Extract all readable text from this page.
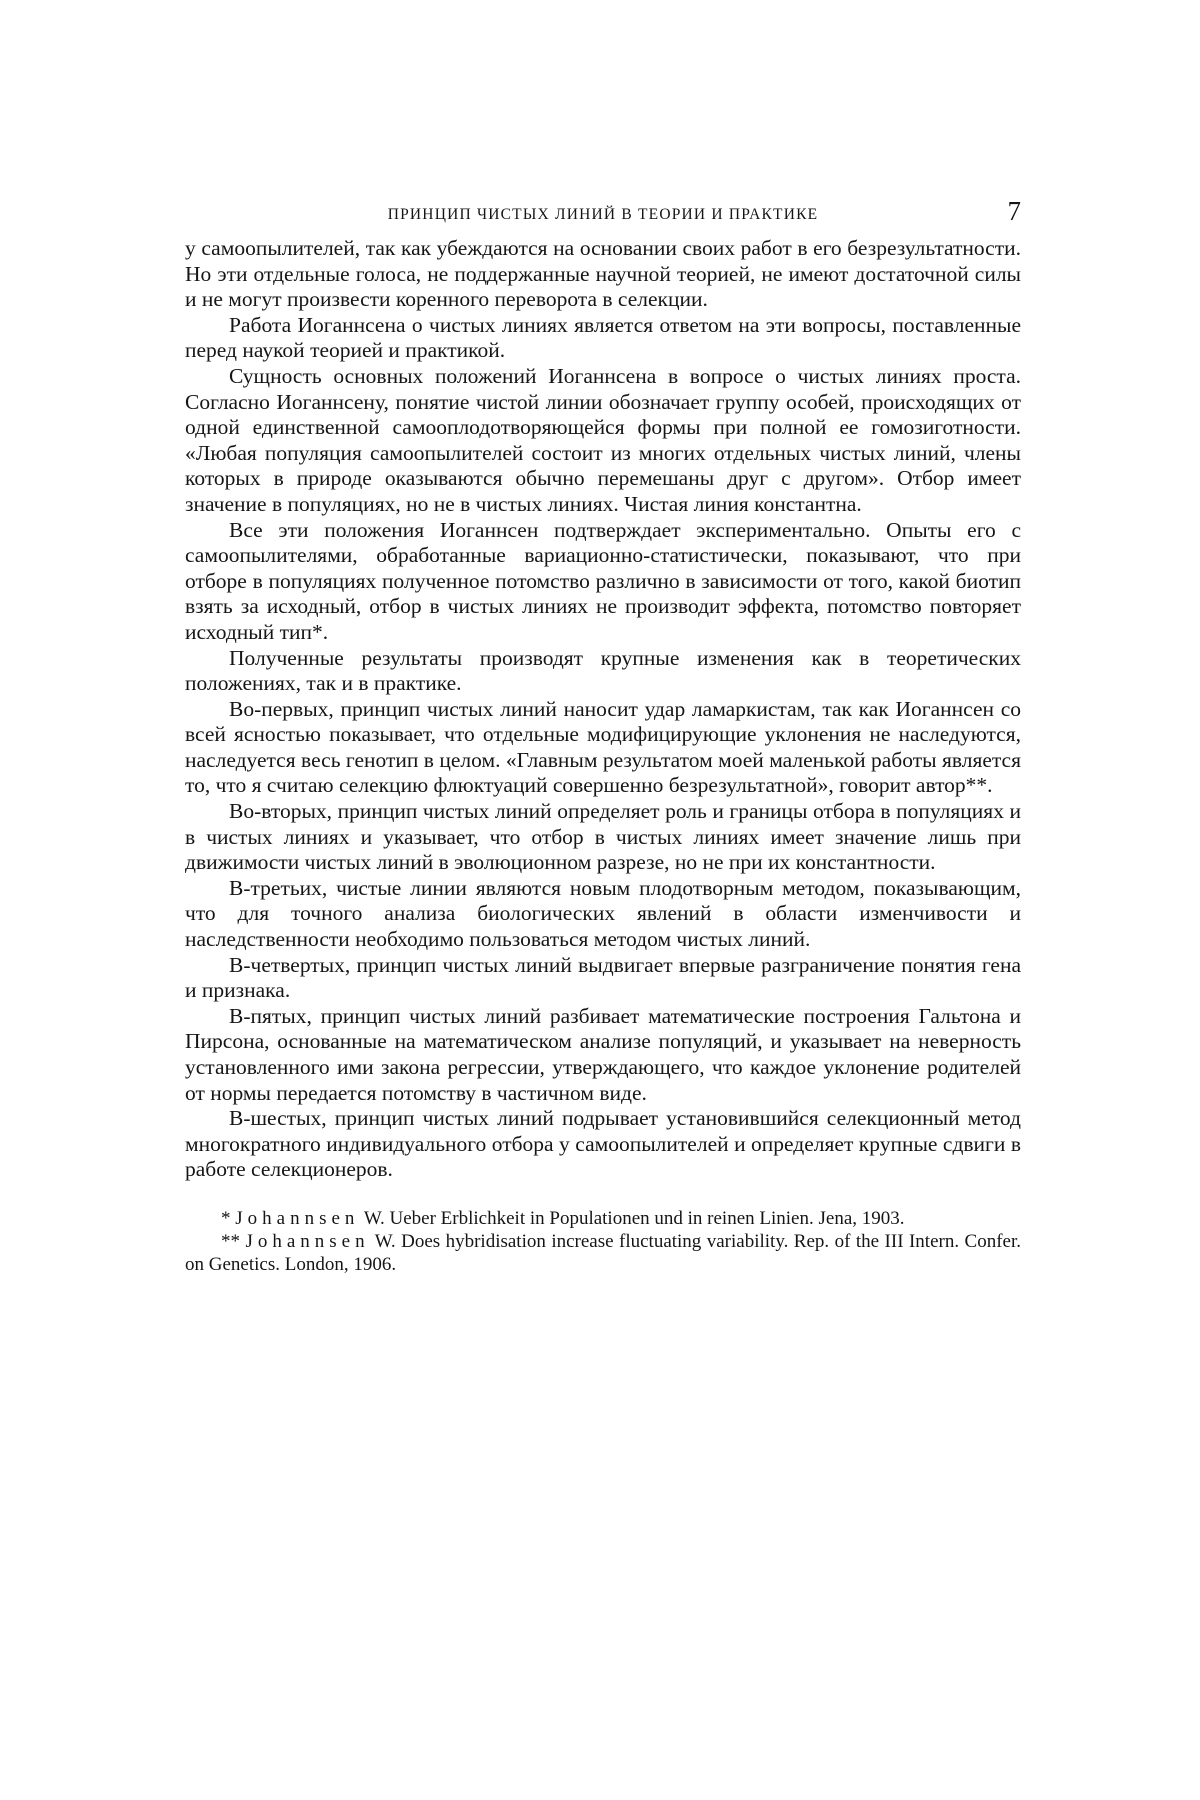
ПРИНЦИП ЧИСТЫХ ЛИНИЙ В ТЕОРИИ И ПРАКТИКЕ	7

у самоопылителей, так как убеждаются на основании своих работ в его безрезультатности. Но эти отдельные голоса, не поддержанные научной теорией, не имеют достаточной силы и не могут произвести коренного переворота в селекции.

Работа Иоганнсена о чистых линиях является ответом на эти вопросы, поставленные перед наукой теорией и практикой.

Сущность основных положений Иоганнсена в вопросе о чистых линиях проста. Согласно Иоганнсену, понятие чистой линии обозначает группу особей, происходящих от одной единственной самооплодотворяющейся формы при полной ее гомозиготности. «Любая популяция самоопылителей состоит из многих отдельных чистых линий, члены которых в природе оказываются обычно перемешаны друг с другом». Отбор имеет значение в популяциях, но не в чистых линиях. Чистая линия константна.

Все эти положения Иоганнсен подтверждает экспериментально. Опыты его с самоопылителями, обработанные вариационно-статистически, показывают, что при отборе в популяциях полученное потомство различно в зависимости от того, какой биотип взять за исходный, отбор в чистых линиях не производит эффекта, потомство повторяет исходный тип*.

Полученные результаты производят крупные изменения как в теоретических положениях, так и в практике.

Во-первых, принцип чистых линий наносит удар ламаркистам, так как Иоганнсен со всей ясностью показывает, что отдельные модифицирующие уклонения не наследуются, наследуется весь генотип в целом. «Главным результатом моей маленькой работы является то, что я считаю селекцию флюктуаций совершенно безрезультатной», говорит автор**.

Во-вторых, принцип чистых линий определяет роль и границы отбора в популяциях и в чистых линиях и указывает, что отбор в чистых линиях имеет значение лишь при движимости чистых линий в эволюционном разрезе, но не при их константности.

В-третьих, чистые линии являются новым плодотворным методом, показывающим, что для точного анализа биологических явлений в области изменчивости и наследственности необходимо пользоваться методом чистых линий.

В-четвертых, принцип чистых линий выдвигает впервые разграничение понятия гена и признака.

В-пятых, принцип чистых линий разбивает математические построения Гальтона и Пирсона, основанные на математическом анализе популяций, и указывает на неверность установленного ими закона регрессии, утверждающего, что каждое уклонение родителей от нормы передается потомству в частичном виде.

В-шестых, принцип чистых линий подрывает установившийся селекционный метод многократного индивидуального отбора у самоопылителей и определяет крупные сдвиги в работе селекционеров.

* Johannsen W. Ueber Erblichkeit in Populationen und in reinen Linien. Jena, 1903.

** Johannsen W. Does hybridisation increase fluctuating variability. Rep. of the III Intern. Confer. on Genetics. London, 1906.
